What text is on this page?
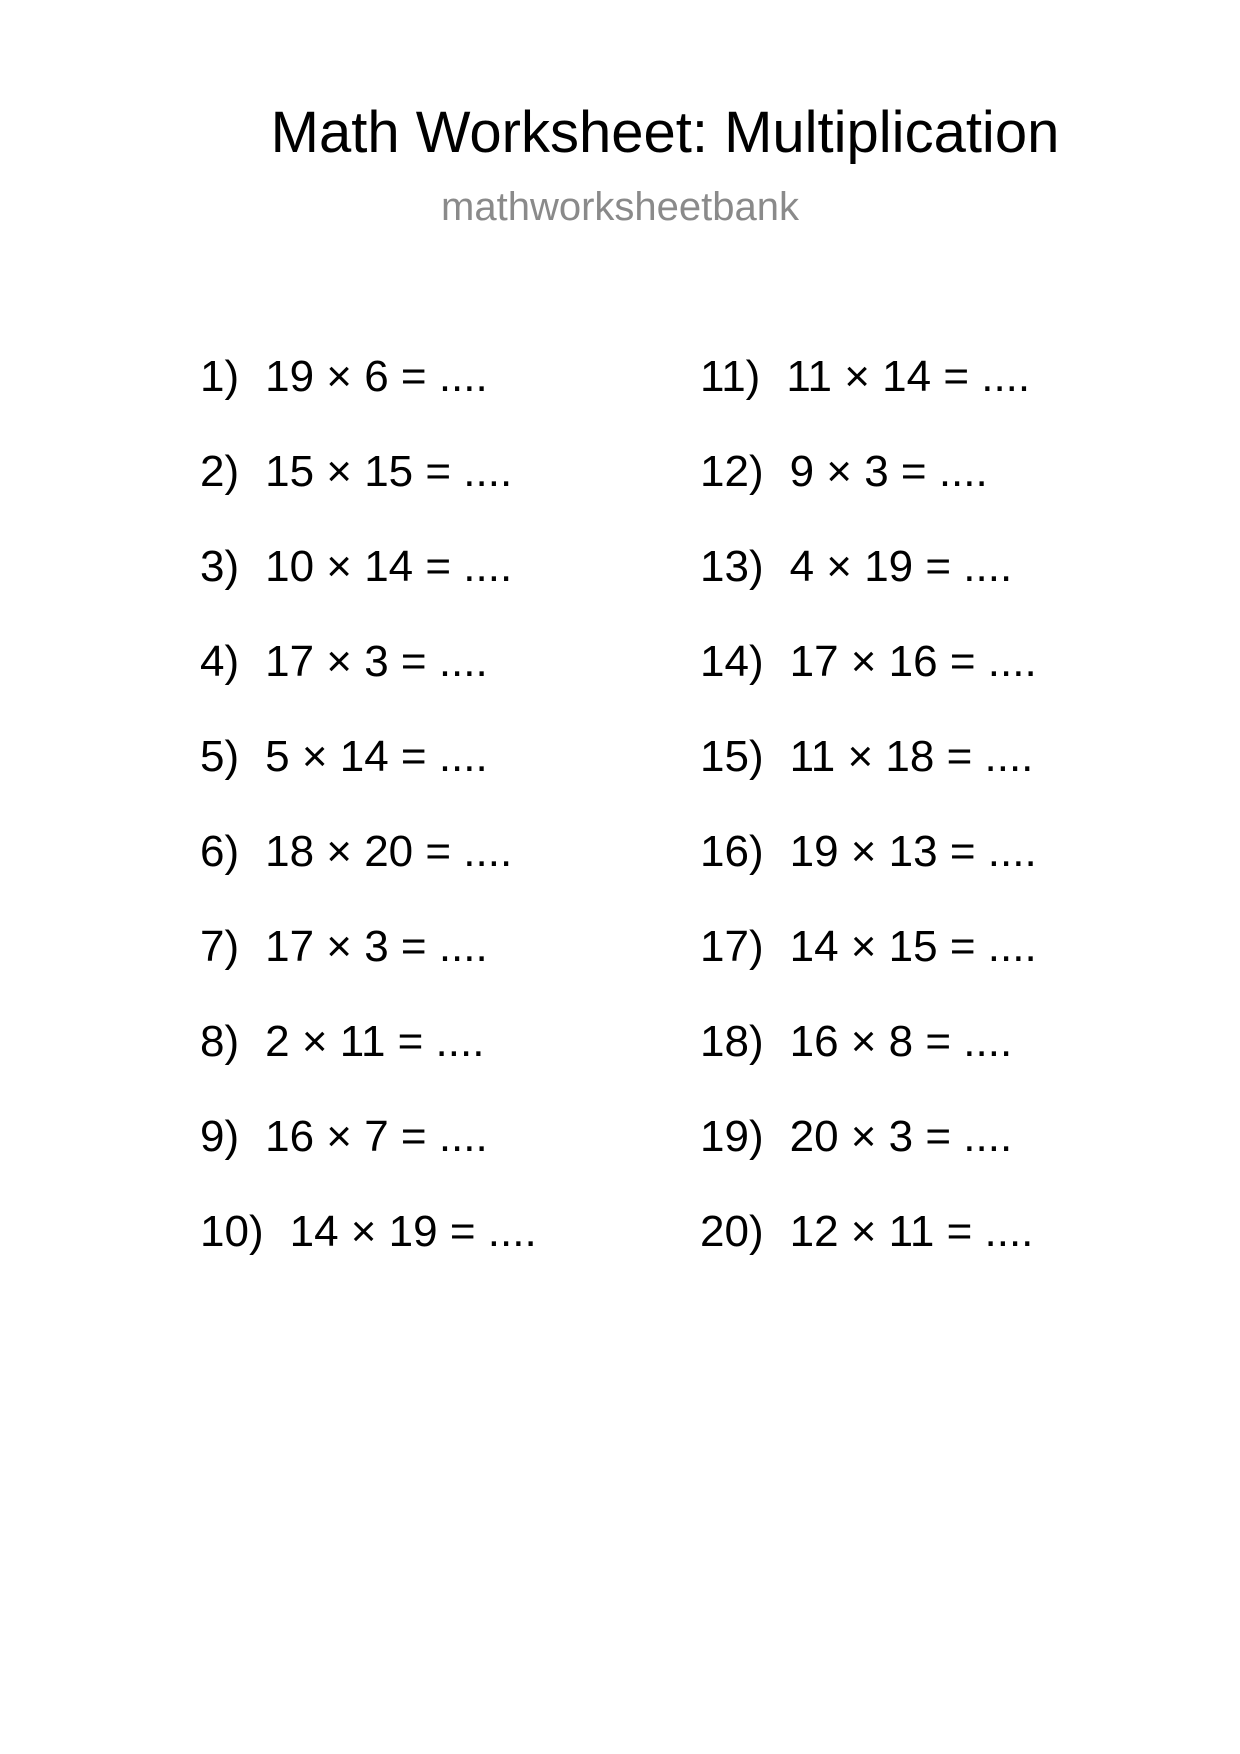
Math Worksheet: Multiplication
mathworksheetbank
1) 19 × 6 = ....
2) 15 × 15 = ....
3) 10 × 14 = ....
4) 17 × 3 = ....
5) 5 × 14 = ....
6) 18 × 20 = ....
7) 17 × 3 = ....
8) 2 × 11 = ....
9) 16 × 7 = ....
10) 14 × 19 = ....
11) 11 × 14 = ....
12) 9 × 3 = ....
13) 4 × 19 = ....
14) 17 × 16 = ....
15) 11 × 18 = ....
16) 19 × 13 = ....
17) 14 × 15 = ....
18) 16 × 8 = ....
19) 20 × 3 = ....
20) 12 × 11 = ....
